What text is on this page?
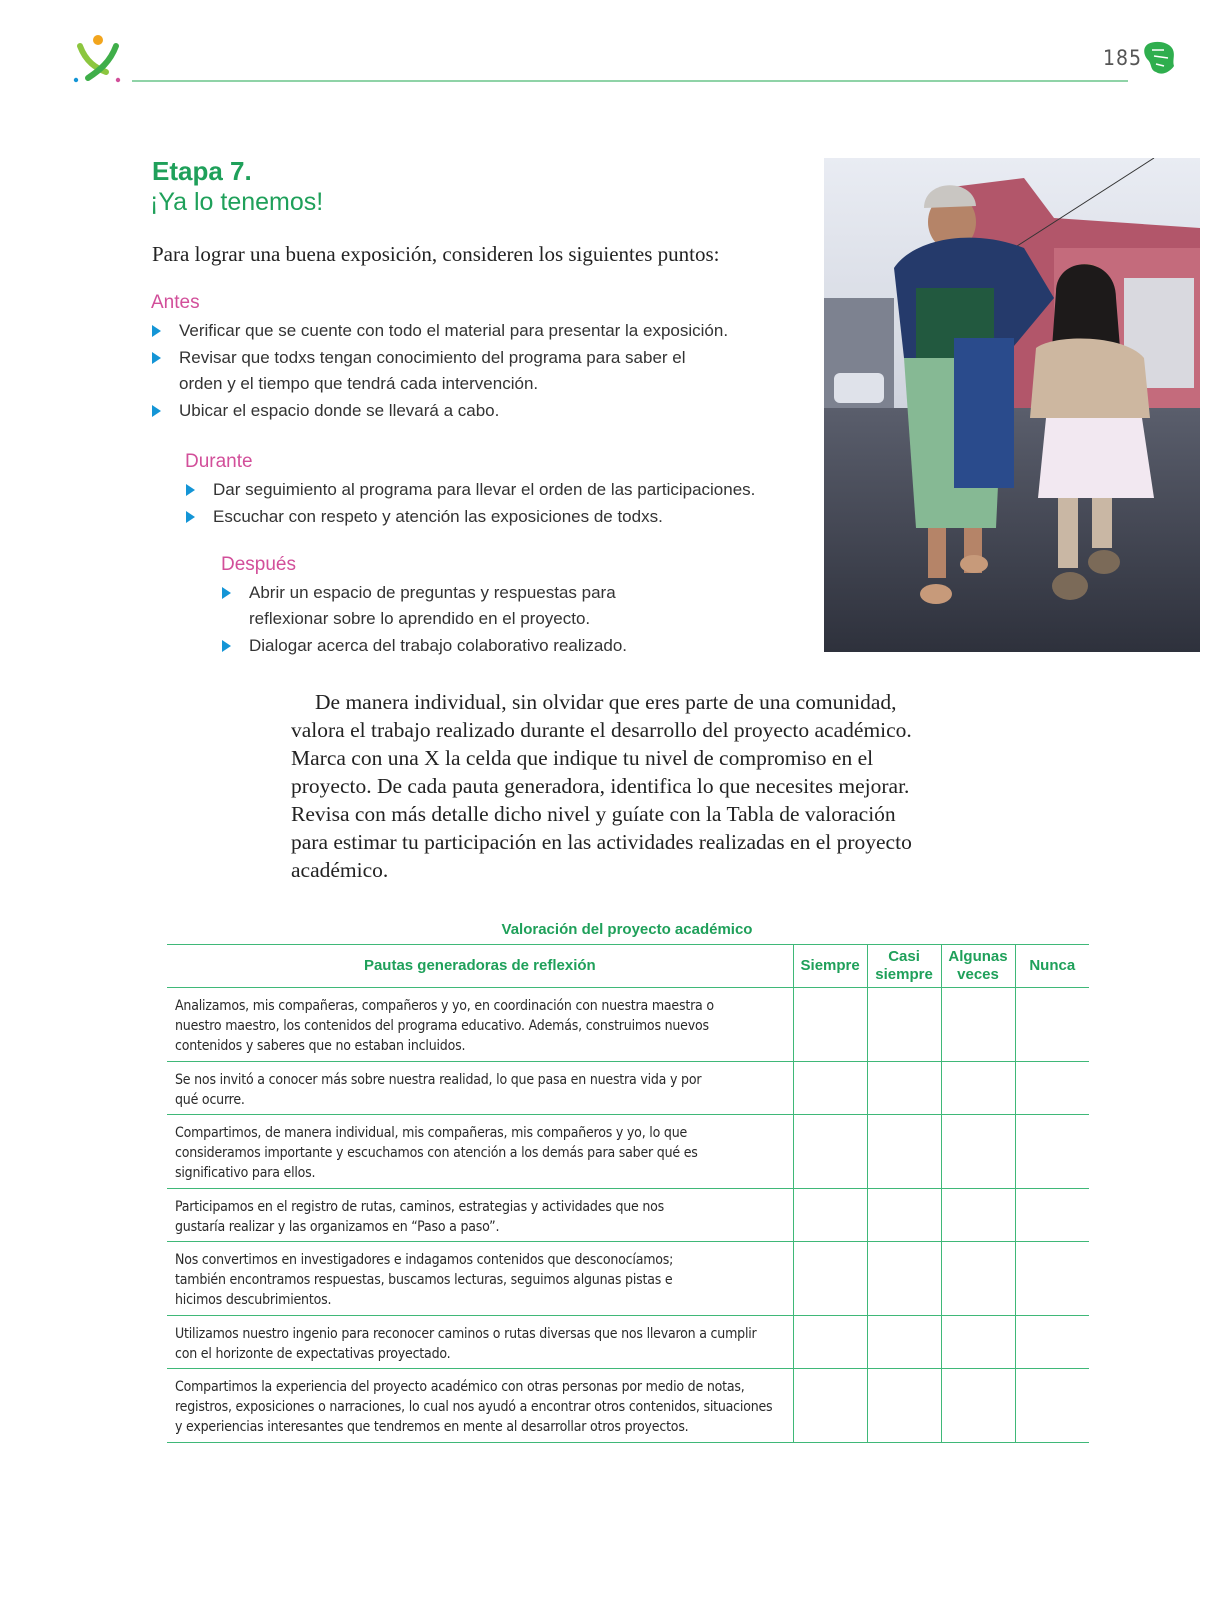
185
Etapa 7.
¡Ya lo tenemos!
Para lograr una buena exposición, consideren los siguientes puntos:
Antes
Verificar que se cuente con todo el material para presentar la exposición.
Revisar que todxs tengan conocimiento del programa para saber el orden y el tiempo que tendrá cada intervención.
Ubicar el espacio donde se llevará a cabo.
Durante
Dar seguimiento al programa para llevar el orden de las participaciones.
Escuchar con respeto y atención las exposiciones de todxs.
Después
Abrir un espacio de preguntas y respuestas para reflexionar sobre lo aprendido en el proyecto.
Dialogar acerca del trabajo colaborativo realizado.
De manera individual, sin olvidar que eres parte de una comunidad, valora el trabajo realizado durante el desarrollo del proyecto académico. Marca con una X la celda que indique tu nivel de compromiso en el proyecto. De cada pauta generadora, identifica lo que necesites mejorar. Revisa con más detalle dicho nivel y guíate con la Tabla de valoración para estimar tu participación en las actividades realizadas en el proyecto académico.
Valoración del proyecto académico
Pautas generadoras de reflexión	Siempre	Casi siempre	Algunas veces	Nunca
Analizamos, mis compañeras, compañeros y yo, en coordinación con nuestra maestra o nuestro maestro, los contenidos del programa educativo. Además, construimos nuevos contenidos y saberes que no estaban incluidos.				
Se nos invitó a conocer más sobre nuestra realidad, lo que pasa en nuestra vida y por qué ocurre.				
Compartimos, de manera individual, mis compañeras, mis compañeros y yo, lo que consideramos importante y escuchamos con atención a los demás para saber qué es significativo para ellos.				
Participamos en el registro de rutas, caminos, estrategias y actividades que nos gustaría realizar y las organizamos en “Paso a paso”.				
Nos convertimos en investigadores e indagamos contenidos que desconocíamos; también encontramos respuestas, buscamos lecturas, seguimos algunas pistas e hicimos descubrimientos.				
Utilizamos nuestro ingenio para reconocer caminos o rutas diversas que nos llevaron a cumplir con el horizonte de expectativas proyectado.				
Compartimos la experiencia del proyecto académico con otras personas por medio de notas, registros, exposiciones o narraciones, lo cual nos ayudó a encontrar otros contenidos, situaciones y experiencias interesantes que tendremos en mente al desarrollar otros proyectos.				
